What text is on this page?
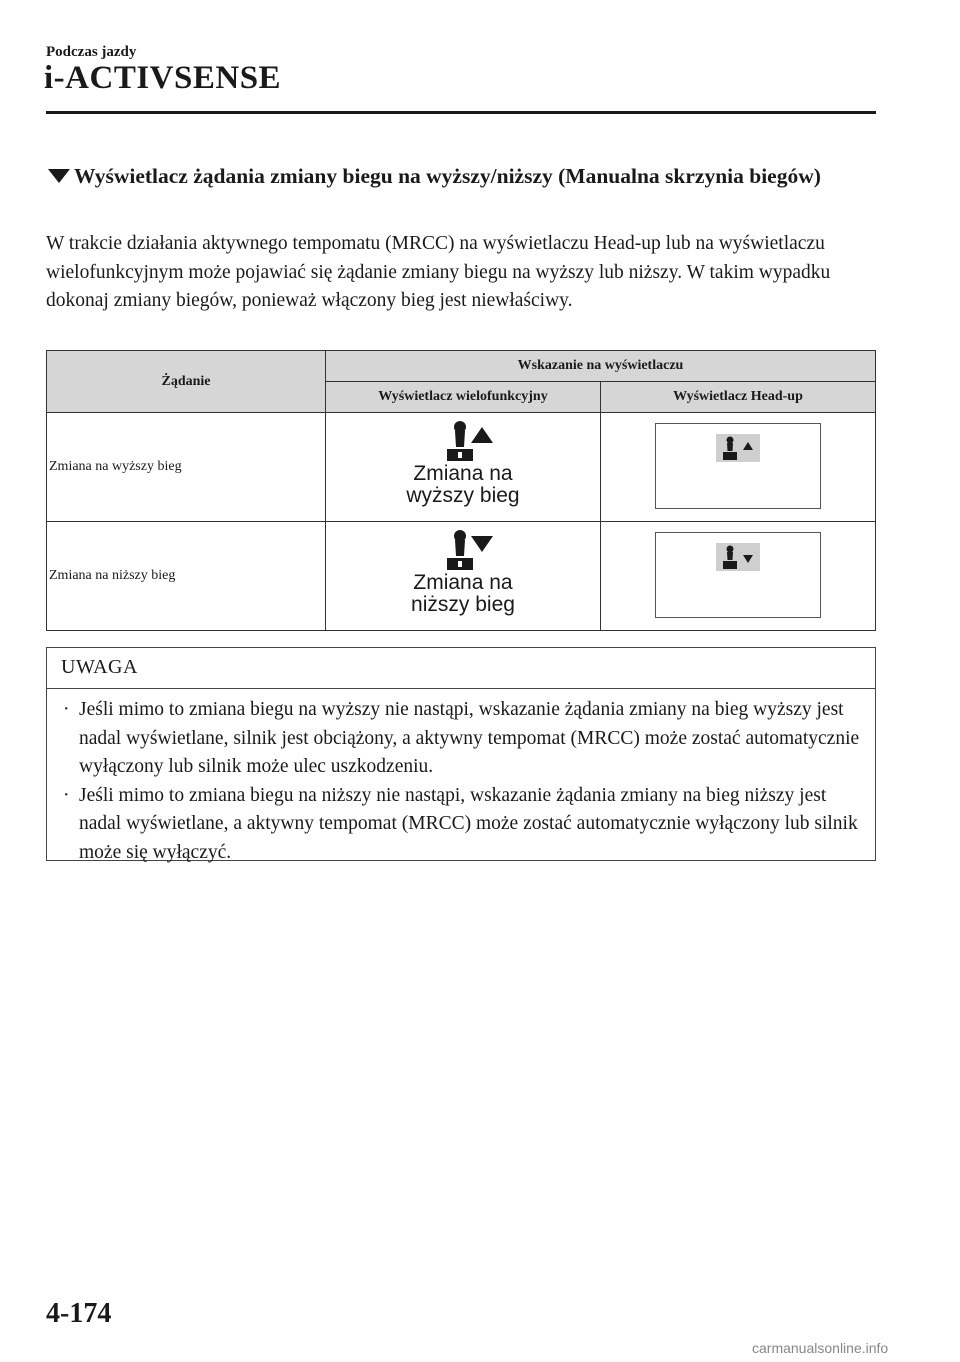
Podczas jazdy
i-ACTIVSENSE
Wyświetlacz żądania zmiany biegu na wyższy/niższy (Manualna skrzynia biegów)
W trakcie działania aktywnego tempomatu (MRCC) na wyświetlaczu Head-up lub na wyświetlaczu wielofunkcyjnym może pojawiać się żądanie zmiany biegu na wyższy lub niższy. W takim wypadku dokonaj zmiany biegów, ponieważ włączony bieg jest niewłaściwy.
Żądanie	Wskazanie na wyświetlaczu	
	Wyświetlacz wielofunkcyjny	Wyświetlacz Head-up
Zmiana na wyższy bieg	Zmiana na
wyższy bieg

Zmiana na niższy bieg	Zmiana na
niższy bieg

UWAGA
· Jeśli mimo to zmiana biegu na wyższy nie nastąpi, wskazanie żądania zmiany na bieg wyższy jest nadal wyświetlane, silnik jest obciążony, a aktywny tempomat (MRCC) może zostać automatycznie wyłączony lub silnik może ulec uszkodzeniu.
· Jeśli mimo to zmiana biegu na niższy nie nastąpi, wskazanie żądania zmiany na bieg niższy jest nadal wyświetlane, a aktywny tempomat (MRCC) może zostać automatycznie wyłączony lub silnik może się wyłączyć.
4-174
carmanualsonline.info
